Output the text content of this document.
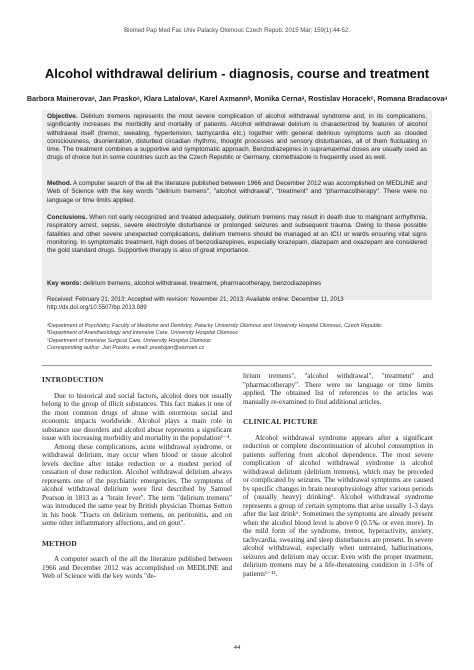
Biomed Pap Med Fac Univ Palacky Olomouc Czech Repub. 2015 Mar; 159(1):44-52.
Alcohol withdrawal delirium - diagnosis, course and treatment
Barbora Mainerovaᵃ, Jan Praskoᵃ, Klara Latalovaᵃ, Karel Axmannᵇ, Monika Cernaᵃ, Rostislav Horacekᶜ, Romana Bradacovaᵃ
Objective. Delirium tremens represents the most severe complication of alcohol withdrawal syndrome and, in its complications, significantly increases the morbidity and mortality of patients. Alcohol withdrawal delirium is characterized by features of alcohol withdrawal itself (tremor, sweating, hypertension, tachycardia etc.) together with general delirious symptoms such as clouded consciousness, disorientation, disturbed circadian rhythms, thought processes and sensory disturbances, all of them fluctuating in time. The treatment combines a supportive and symptomatic approach. Benzodiazepines in supramaximal doses are usually used as drugs of choice but in some countries such as the Czech Republic or Germany, clomethiazole is frequently used as well.
Method. A computer search of the all the literature published between 1966 and December 2012 was accomplished on MEDLINE and Web of Science with the key words "delirium tremens", "alcohol withdrawal", "treatment" and "pharmacotherapy". There were no language or time limits applied.
Conclusions. When not early recognized and treated adequately, delirium tremens may result in death due to malignant arrhythmia, respiratory arrest, sepsis, severe electrolyte disturbance or prolonged seizures and subsequent trauma. Owing to these possible fatalities and other severe unexpected complications, delirium tremens should be managed at an ICU or wards ensuring vital signs monitoring. In symptomatic treatment, high doses of benzodiazepines, especially lorazepam, diazepam and oxazepam are considered the gold standard drugs. Supportive therapy is also of great importance.
Key words: delirium tremens, alcohol withdrawal, treatment, pharmacotherapy, benzodiazepines
Received: February 21, 2013; Accepted with revision: November 21, 2013; Available online: December 11, 2013
http://dx.doi.org/10.5507/bp.2013.089
ᵃDepartment of Psychiatry, Faculty of Medicine and Dentistry, Palacky University Olomouc and University Hospital Olomouc, Czech Republic
ᵇDepartment of Anesthesiology and Intensive Care, University Hospital Olomouc
ᶜDepartment of Intensive Surgical Care, University Hospital Olomouc
Corresponding author: Jan Prasko, e-mail: praskojan@seznam.cz
INTRODUCTION

Due to historical and social factors, alcohol does not usually belong to the group of illicit substances. This fact makes it one of the most common drugs of abuse with enormous social and economic impacts worldwide. Alcohol plays a main role in substance use disorders and alcohol abuse represents a significant issue with increasing morbidity and mortality in the population¹⁻⁴.

Among these complications, acute withdrawal syndrome, or withdrawal delirium, may occur when blood or tissue alcohol levels decline after intake reduction or a modest period of cessation of dose reduction. Alcohol withdrawal delirium always represents one of the psychiatric emergencies. The symptoms of alcohol withdrawal delirium were first described by Samuel Pearson in 1813 as a "brain fever". The term "delirium tremens" was introduced the same year by British physician Thomas Sutton in his book "Tracts on delirium tremens, on peritonitis, and on some other inflammatory affections, and on gout".

METHOD

A computer search of the all the literature published between 1966 and December 2012 was accomplished on MEDLINE and Web of Science with the key words "de-

lirium tremens", "alcohol withdrawal", "treatment" and "pharmacotherapy". There were no language or time limits applied. The obtained list of references to the articles was manually re-examined to find additional articles.

CLINICAL PICTURE

Alcohol withdrawal syndrome appears after a significant reduction or complete discontinuation of alcohol consumption in patients suffering from alcohol dependence. The most severe complication of alcohol withdrawal syndrome is alcohol withdrawal delirium (delirium tremens), which may be preceded or complicated by seizures. The withdrawal symptoms are caused by specific changes in brain neurophysiology after various periods of (usually heavy) drinking⁵. Alcohol withdrawal syndrome represents a group of certain symptoms that arise usually 1-3 days after the last drink⁶. Sometimes the symptoms are already present when the alcohol blood level is above 0 (0.5‰ or even more). In the mild form of the syndrome, tremor, hyperactivity, anxiety, tachycardia, sweating and sleep disturbances are present. In severe alcohol withdrawal, especially when untreated, hallucinations, seizures and delirium may occur. Even with the proper treatment, delirium tremens may be a life-threatening condition in 1-5% of patients⁶⁻¹².

44
